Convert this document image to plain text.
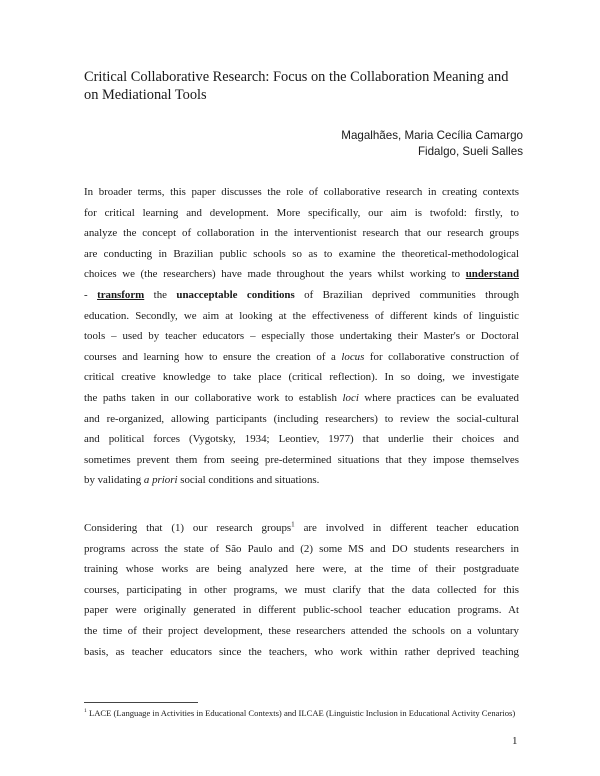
Critical Collaborative Research: Focus on the Collaboration Meaning and on Mediational Tools
Magalhães, Maria Cecília Camargo
Fidalgo, Sueli Salles

In broader terms, this paper discusses the role of collaborative research in creating contexts
for critical learning and development. More specifically, our aim is twofold: firstly, to
analyze the concept of collaboration in the interventionist research that our research groups
are conducting in Brazilian public schools so as to examine the theoretical-methodological
choices we (the researchers) have made throughout the years whilst working to understand
- transform the unacceptable conditions of Brazilian deprived communities through
education. Secondly, we aim at looking at the effectiveness of different kinds of linguistic
tools – used by teacher educators – especially those undertaking their Master's or Doctoral
courses and learning how to ensure the creation of a locus for collaborative construction of
critical creative knowledge to take place (critical reflection). In so doing, we investigate
the paths taken in our collaborative work to establish loci where practices can be evaluated
and re-organized, allowing participants (including researchers) to review the social-cultural
and political forces (Vygotsky, 1934; Leontiev, 1977) that underlie their choices and
sometimes prevent them from seeing pre-determined situations that they impose themselves
by validating a priori social conditions and situations.

Considering that (1) our research groups$^1$ are involved in different teacher education
programs across the state of São Paulo and (2) some MS and DO students researchers in
training whose works are being analyzed here were, at the time of their postgraduate
courses, participating in other programs, we must clarify that the data collected for this
paper were originally generated in different public-school teacher education programs. At
the time of their project development, these researchers attended the schools on a voluntary
basis, as teacher educators since the teachers, who work within rather deprived teaching

$^1$ LACE (Language in Activities in Educational Contexts) and ILCAE (Linguistic Inclusion in Educational Activity Cenarios)
1
